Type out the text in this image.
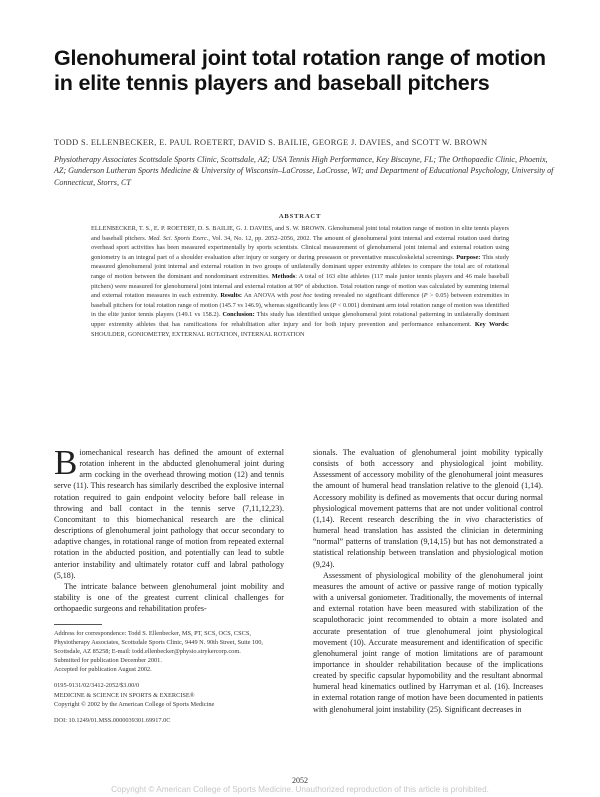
Glenohumeral joint total rotation range of motion in elite tennis players and baseball pitchers
TODD S. ELLENBECKER, E. PAUL ROETERT, DAVID S. BAILIE, GEORGE J. DAVIES, and SCOTT W. BROWN
Physiotherapy Associates Scottsdale Sports Clinic, Scottsdale, AZ; USA Tennis High Performance, Key Biscayne, FL; The Orthopaedic Clinic, Phoenix, AZ; Gunderson Lutheran Sports Medicine & University of Wisconsin–LaCrosse, LaCrosse, WI; and Department of Educational Psychology, University of Connecticut, Storrs, CT
ABSTRACT
ELLENBECKER, T. S., E. P. ROETERT, D. S. BAILIE, G. J. DAVIES, and S. W. BROWN. Glenohumeral joint total rotation range of motion in elite tennis players and baseball pitchers. Med. Sci. Sports Exerc., Vol. 34, No. 12, pp. 2052–2056, 2002. The amount of glenohumeral joint internal and external rotation used during overhead sport activities has been measured experimentally by sports scientists. Clinical measurement of glenohumeral joint internal and external rotation using goniometry is an integral part of a shoulder evaluation after injury or surgery or during preseason or preventative musculoskeletal screenings. Purpose: This study measured glenohumeral joint internal and external rotation in two groups of unilaterally dominant upper extremity athletes to compare the total arc of rotational range of motion between the dominant and nondominant extremities. Methods: A total of 163 elite athletes (117 male junior tennis players and 46 male baseball pitchers) were measured for glenohumeral joint internal and external rotation at 90° of abduction. Total rotation range of motion was calculated by summing internal and external rotation measures in each extremity. Results: An ANOVA with post hoc testing revealed no significant difference (P > 0.05) between extremities in baseball pitchers for total rotation range of motion (145.7 vs 146.9), whereas significantly less (P < 0.001) dominant arm total rotation range of motion was identified in the elite junior tennis players (149.1 vs 158.2). Conclusion: This study has identified unique glenohumeral joint rotational patterning in unilaterally dominant upper extremity athletes that has ramifications for rehabilitation after injury and for both injury prevention and performance enhancement. Key Words: SHOULDER, GONIOMETRY, EXTERNAL ROTATION, INTERNAL ROTATION

Biomechanical research has defined the amount of external rotation inherent in the abducted glenohumeral joint during arm cocking in the overhead throwing motion (12) and tennis serve (11). This research has similarly described the explosive internal rotation required to gain endpoint velocity before ball release in throwing and ball contact in the tennis serve (7,11,12,23). Concomitant to this biomechanical research are the clinical descriptions of glenohumeral joint pathology that occur secondary to adaptive changes, in rotational range of motion from repeated external rotation in the abducted position, and potentially can lead to subtle anterior instability and ultimately rotator cuff and labral pathology (5,18).

The intricate balance between glenohumeral joint mobility and stability is one of the greatest current clinical challenges for orthopaedic surgeons and rehabilitation profes-

sionals. The evaluation of glenohumeral joint mobility typically consists of both accessory and physiological joint mobility. Assessment of accessory mobility of the glenohumeral joint measures the amount of humeral head translation relative to the glenoid (1,14). Accessory mobility is defined as movements that occur during normal physiological movement patterns that are not under volitional control (1,14). Recent research describing the in vivo characteristics of humeral head translation has assisted the clinician in determining “normal” patterns of translation (9,14,15) but has not demonstrated a statistical relationship between translation and physiological motion (9,24).

Assessment of physiological mobility of the glenohumeral joint measures the amount of active or passive range of motion typically with a universal goniometer. Traditionally, the movements of internal and external rotation have been measured with stabilization of the scapulothoracic joint recommended to obtain a more isolated and accurate presentation of true glenohumeral joint physiological movement (10). Accurate measurement and identification of specific glenohumeral joint range of motion limitations are of paramount importance in shoulder rehabilitation because of the implications created by specific capsular hypomobility and the resultant abnormal humeral head kinematics outlined by Harryman et al. (16). Increases in external rotation range of motion have been documented in patients with glenohumeral joint instability (25). Significant decreases in

Address for correspondence: Todd S. Ellenbecker, MS, PT, SCS, OCS, CSCS, Physiotherapy Associates, Scottsdale Sports Clinic, 9449 N. 90th Street, Suite 100, Scottsdale, AZ 85258; E-mail: todd.ellenbecker@physio.strykercorp.com.
Submitted for publication December 2001.
Accepted for publication August 2002.
0195-9131/02/3412-2052/$3.00/0
MEDICINE & SCIENCE IN SPORTS & EXERCISE®
Copyright © 2002 by the American College of Sports Medicine
DOI: 10.1249/01.MSS.0000039301.69917.0C
2052
Copyright © American College of Sports Medicine. Unauthorized reproduction of this article is prohibited.
